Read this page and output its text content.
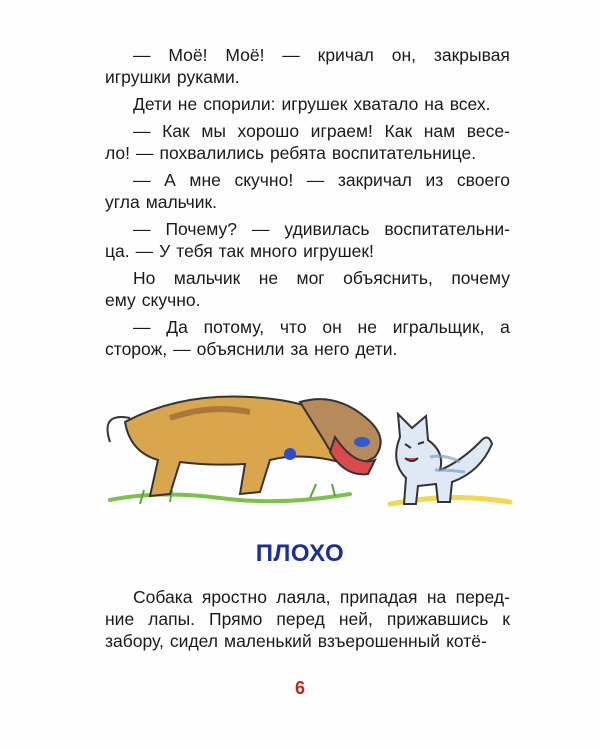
— Моё! Моё! — кричал он, закрывая
игрушки руками.
Дети не спорили: игрушек хватало на всех.
— Как мы хорошо играем! Как нам весе-
ло! — похвалились ребята воспитательнице.
— А мне скучно! — закричал из своего
угла мальчик.
— Почему? — удивилась воспитательни-
ца. — У тебя так много игрушек!
Но мальчик не мог объяснить, почему
ему скучно.
— Да потому, что он не игральщик, а
сторож, — объяснили за него дети.
ПЛОХО
Собака яростно лаяла, припадая на перед-
ние лапы. Прямо перед ней, прижавшись к
забору, сидел маленький взъерошенный котё-
6
